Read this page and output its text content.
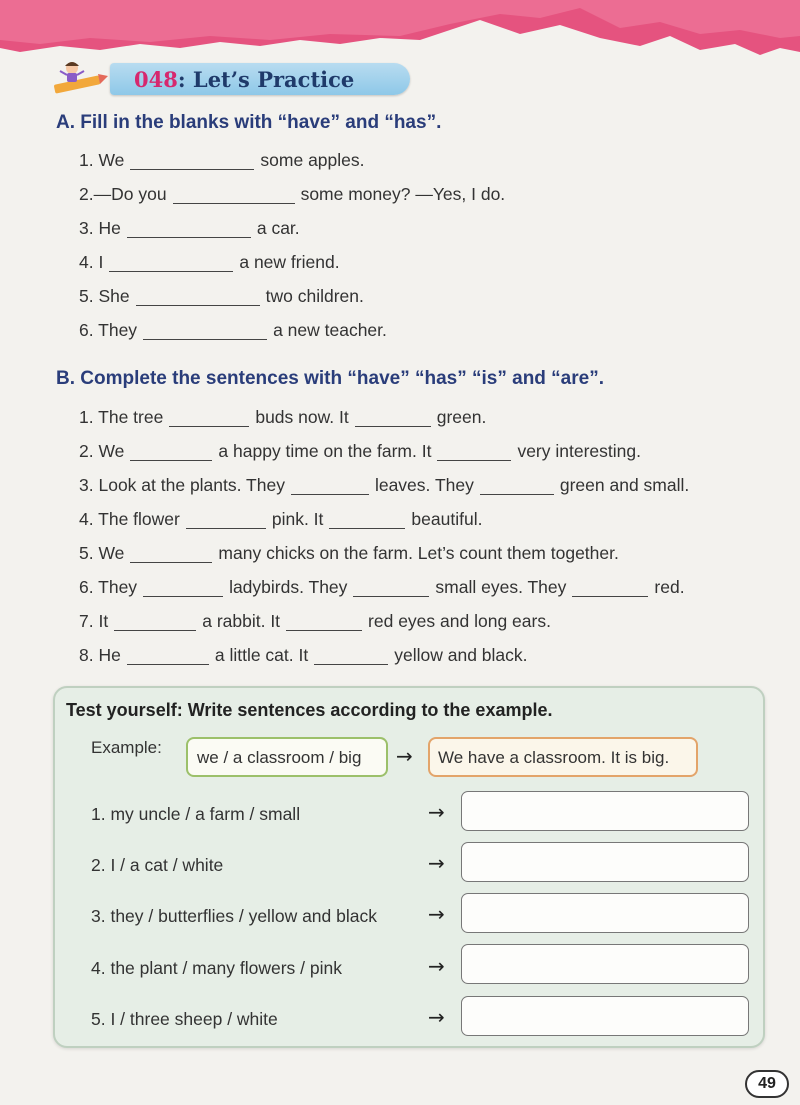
048: Let’s Practice
A. Fill in the blanks with “have” and “has”.
1. We	some apples.
2.—Do you	some money? —Yes, I do.
3. He	a car.
4. I	a new friend.
5. She	two children.
6. They	a new teacher.
B. Complete the sentences with “have” “has” “is” and “are”.
1. The tree	buds now. It	green.
2. We	a happy time on the farm. It	very interesting.
3. Look at the plants. They	leaves. They	green and small.
4. The flower	pink. It	beautiful.
5. We	many chicks on the farm. Let’s count them together.
6. They	ladybirds. They	small eyes. They	red.
7. It	a rabbit. It	red eyes and long ears.
8. He	a little cat. It	yellow and black.
Test yourself: Write sentences according to the example.
Example:
we / a classroom / big	→	We have a classroom. It is big.
1. my uncle / a farm / small	→
2. I / a cat / white	→
3. they / butterflies / yellow and black	→
4. the plant / many flowers / pink	→
5. I / three sheep / white	→
49
